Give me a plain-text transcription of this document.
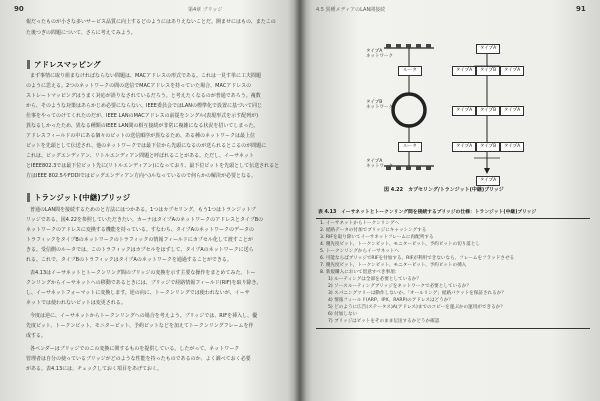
90	第4章 ブリッジ
報だったものが小さな多いサービス品質に向上するどのようにはありえないことだ。開ませにはもの、またこの
た後つぎの問題について、さらに考えてみよう。
アドレスマッピング
まず事情に取り組まなければならない問題は、MACアドレスの形式である。これは一見す単に工夫問題
のように思える。2つのネットワークの間の送信でMACアドレスを持っていた場合、MACアドレスの
ストレートマッピングはうまく対応が誤りなされているだろう。と考えたくなるのが普通であろう。複数
から、そのような対策はあらかじめ必要にならない。IEEE委員会ではLANの標準化で設置に基づいて同じ
仕事をやってのけてくれたのだが、IEEE LANのMACアドレスの前提をシングル(表現形式を示す配列が)
異なるしかったため、異なる種類のIEEE LAN間の相互接続が非常に複雑になる状況を招いてしまった。
アドレスフィールドの中にある個々のビットの送信順序が異なるため、ある種のネットワークは最上位
ビットを先頭として伝送され、他のネットワークでは最下位から先頭になるのが送られるとこるのが問題に
これは、ビッグエンディアン、リトルエンディアン問題と呼ばれることがある。ただし、イーサネット
とIEEE802.3では最下位ビット先に(リトルエンディアン)になっており、最下位ビットを先頭として伝送されると
方はIEEE 802.5やFDDIではビッグエンディアン方向へ)ルなっているので何らかの解決が必要となる。
トランジット(中継)ブリッジ
普通のLAN間を接続するためのと方法にはつかある。1つはカプセリング、もう1つはトランジットブ
リッジである。図4.22を参照していただきたい。カーナはタイプAのネットワークのアドレスとタイプBの
ネットワークのアドレスに変換する機能を持っている。すなわち、タイプAのネットワークのデータの
トラフィックをタイプBのネットワークのトラフィックの情報フィールドにカプセル化して渡すことが
きる。受信側のルータでは、このトラフィックはカプセルをはずして、タイプAのネットワークに送ら
れる。これで、タイプBのトラフィックはタイプAのネットワークを通過することができる。
表4.13はイーサネットとトークンリング間のブリッジの変換を示す主要な操作をまとめてみた。トー
クンリングからイーサネットへの移動であるときには、ブリッジで経路情報フィールド(RIF)を取り除き、
し、イーサネットフォーマットに変換します。逆の向に、トークンリングでは使われないが、イーサ
ネットでは使われないビットは変更される。
今度は逆に、イーサネットからトークンリングへの場合を考えよう。ブリッジでは、RIFを挿入し、優
先度ビット、トークンビット、モニタービット、予約ビットなどを加えてトークンリングフレームを作
成する。
各ベンダーはブリッジでのこの変換に関するものを提供している。したがって、ネットワーク
管理者は自分の使っているブリッジがどのような性能を持ったものであるのか、よく調べておく必要
がある。表4.13には、チェックしておく項目をあげておく。
4.5 異種メディアのLAN間接続	91
タイプA
ネットワーク
ルータ
タイプB
ネットワーク
ルータ
タイプA
ネットワーク
タイプA
タイプA	タイプB	タイプA
タイプA	タイプB	タイプA
タイプA	タイプB	タイプA
タイプA
図 4.22　カプセリング/トランジット(中継)ブリッジ
表 4.13　イーサネットとトークンリング間を接続するブリッジの仕様：トランジット(中継)ブリッジ
1. イーサネットからトークンリングへ
2. 経路データの付加でブリッジにキャッシングする
3. RIFを取り除いてイーサネットフレームに再配列する
4. 優先度ビット、トークンビット、モニタービット、予約ビットの切り落とし
5. トークンリングからイーサネットへ
6. 可能ならばブリッジでRIFを付加する。RIFが利用できないなら、フレームをフラッドさせる
7. 優先度ビット、トークンビット、モニタービット、予約ビットの挿入
8. 新規購入において留意すべき事項：
1) ルーティングは全部を必要としているか？
2) ソースルーティングブリッジをネットワークで必要としているか？
3) スパニングツリーは動作しないか。「オールリング」経路パケットを保証されるか？
4) 情報フィールド(ARP、IPX、RARP)のアドレスはどうか？
5) どのように広告(ステータス)A(アドレス)までのコピーを運ぶかの運用ができるか？
6) 付加しない
7) ブリッジはビットをそのまま伝送するかどうか確認
